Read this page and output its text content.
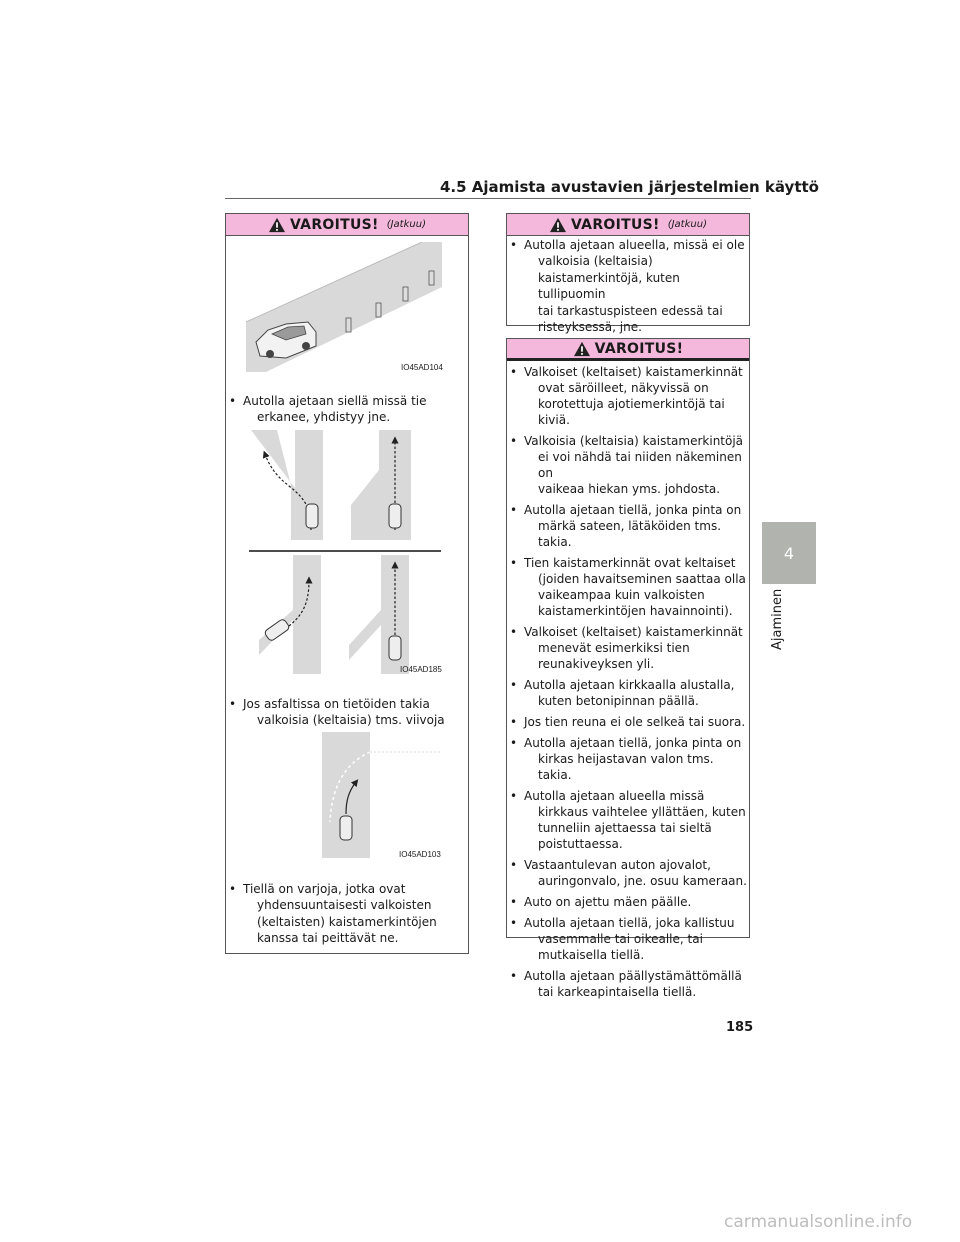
4.5 Ajamista avustavien järjestelmien käyttö
VAROITUS! (Jatkuu)
IO45AD104
• Autolla ajetaan siellä missä tie
erkanee, yhdistyy jne.
IO45AD185
• Jos asfaltissa on tietöiden takia
valkoisia (keltaisia) tms. viivoja
IO45AD103
• Tiellä on varjoja, jotka ovat
yhdensuuntaisesti valkoisten
(keltaisten) kaistamerkintöjen
kanssa tai peittävät ne.
VAROITUS! (Jatkuu)
• Autolla ajetaan alueella, missä ei ole
valkoisia (keltaisia)
kaistamerkintöjä, kuten tullipuomin
tai tarkastuspisteen edessä tai
risteyksessä, jne.
VAROITUS!
• Valkoiset (keltaiset) kaistamerkinnät
ovat säröilleet, näkyvissä on
korotettuja ajotiemerkintöjä tai
kiviä.
• Valkoisia (keltaisia) kaistamerkintöjä
ei voi nähdä tai niiden näkeminen on
vaikeaa hiekan yms. johdosta.
• Autolla ajetaan tiellä, jonka pinta on
märkä sateen, lätäköiden tms. takia.
• Tien kaistamerkinnät ovat keltaiset
(joiden havaitseminen saattaa olla
vaikeampaa kuin valkoisten
kaistamerkintöjen havainnointi).
• Valkoiset (keltaiset) kaistamerkinnät
menevät esimerkiksi tien
reunakiveyksen yli.
• Autolla ajetaan kirkkaalla alustalla,
kuten betonipinnan päällä.
• Jos tien reuna ei ole selkeä tai suora.
• Autolla ajetaan tiellä, jonka pinta on
kirkas heijastavan valon tms. takia.
• Autolla ajetaan alueella missä
kirkkaus vaihtelee yllättäen, kuten
tunneliin ajettaessa tai sieltä
poistuttaessa.
• Vastaantulevan auton ajovalot,
auringonvalo, jne. osuu kameraan.
• Auto on ajettu mäen päälle.
• Autolla ajetaan tiellä, joka kallistuu
vasemmalle tai oikealle, tai
mutkaisella tiellä.
• Autolla ajetaan päällystämättömällä
tai karkeapintaisella tiellä.
4
Ajaminen
185
carmanualsonline.info
